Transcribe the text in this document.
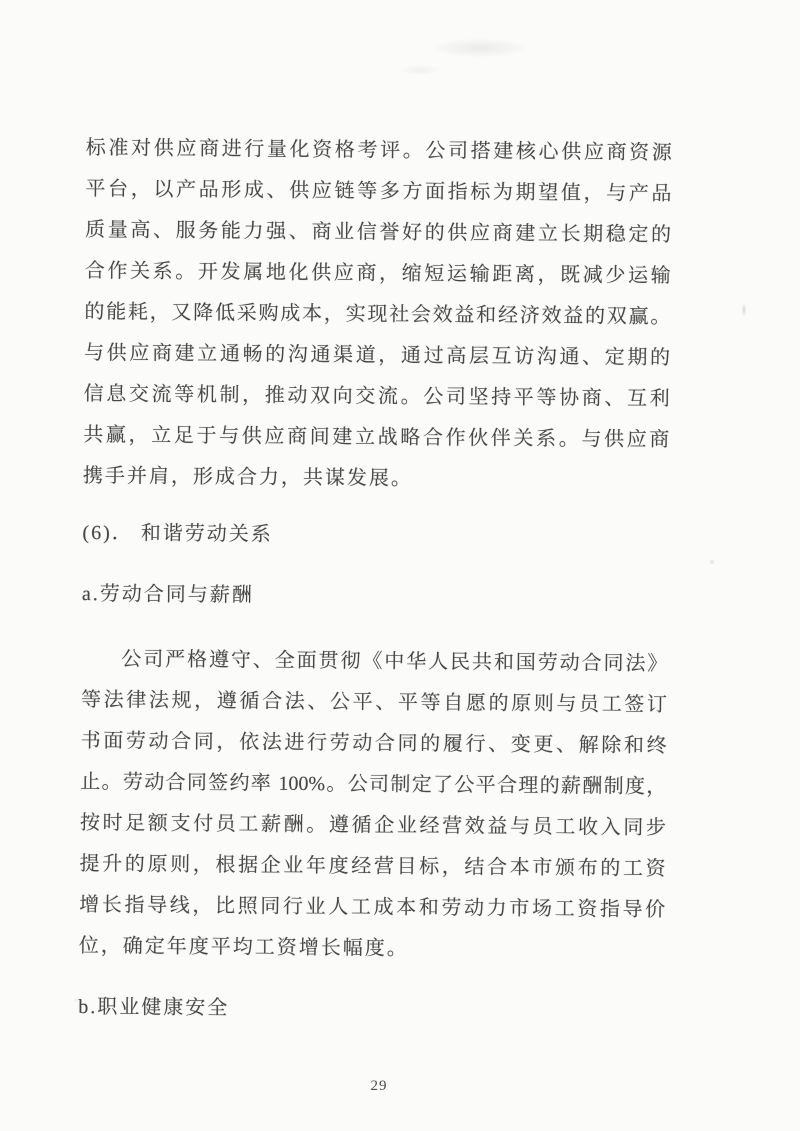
标准对供应商进行量化资格考评。公司搭建核心供应商资源
平台，以产品形成、供应链等多方面指标为期望值，与产品
质量高、服务能力强、商业信誉好的供应商建立长期稳定的
合作关系。开发属地化供应商，缩短运输距离，既减少运输
的能耗，又降低采购成本，实现社会效益和经济效益的双赢。
与供应商建立通畅的沟通渠道，通过高层互访沟通、定期的
信息交流等机制，推动双向交流。公司坚持平等协商、互利
共赢，立足于与供应商间建立战略合作伙伴关系。与供应商
携手并肩，形成合力，共谋发展。
(6)． 和谐劳动关系
a.劳动合同与薪酬
公司严格遵守、全面贯彻《中华人民共和国劳动合同法》
等法律法规，遵循合法、公平、平等自愿的原则与员工签订
书面劳动合同，依法进行劳动合同的履行、变更、解除和终
止。劳动合同签约率 100%。公司制定了公平合理的薪酬制度，
按时足额支付员工薪酬。遵循企业经营效益与员工收入同步
提升的原则，根据企业年度经营目标，结合本市颁布的工资
增长指导线，比照同行业人工成本和劳动力市场工资指导价
位，确定年度平均工资增长幅度。
b.职业健康安全
29
